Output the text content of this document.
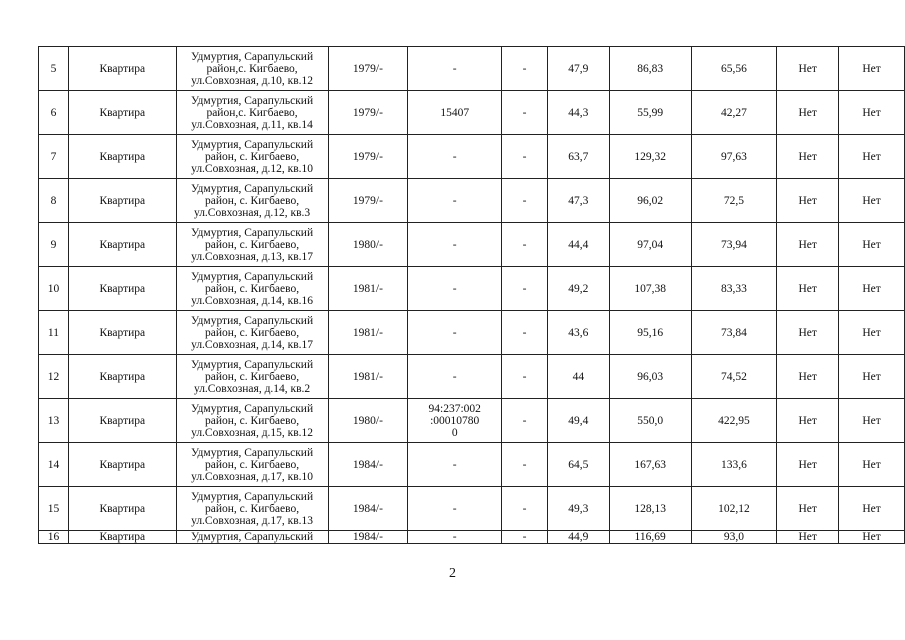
5	Квартира	Удмуртия, Сарапульский
район,с. Кигбаево,
ул.Совхозная, д.10, кв.12	1979/-	-	-	47,9	86,83	65,56	Нет	Нет
6	Квартира	Удмуртия, Сарапульский
район,с. Кигбаево,
ул.Совхозная, д.11, кв.14	1979/-	15407	-	44,3	55,99	42,27	Нет	Нет
7	Квартира	Удмуртия, Сарапульский
район, с. Кигбаево,
ул.Совхозная, д.12, кв.10	1979/-	-	-	63,7	129,32	97,63	Нет	Нет
8	Квартира	Удмуртия, Сарапульский
район, с. Кигбаево,
ул.Совхозная, д.12, кв.3	1979/-	-	-	47,3	96,02	72,5	Нет	Нет
9	Квартира	Удмуртия, Сарапульский
район, с. Кигбаево,
ул.Совхозная, д.13, кв.17	1980/-	-	-	44,4	97,04	73,94	Нет	Нет
10	Квартира	Удмуртия, Сарапульский
район, с. Кигбаево,
ул.Совхозная, д.14, кв.16	1981/-	-	-	49,2	107,38	83,33	Нет	Нет
11	Квартира	Удмуртия, Сарапульский
район, с. Кигбаево,
ул.Совхозная, д.14, кв.17	1981/-	-	-	43,6	95,16	73,84	Нет	Нет
12	Квартира	Удмуртия, Сарапульский
район, с. Кигбаево,
ул.Совхозная, д.14, кв.2	1981/-	-	-	44	96,03	74,52	Нет	Нет
13	Квартира	Удмуртия, Сарапульский
район, с. Кигбаево,
ул.Совхозная, д.15, кв.12	1980/-	94:237:002
:00010780
0	-	49,4	550,0	422,95	Нет	Нет
14	Квартира	Удмуртия, Сарапульский
район, с. Кигбаево,
ул.Совхозная, д.17, кв.10	1984/-	-	-	64,5	167,63	133,6	Нет	Нет
15	Квартира	Удмуртия, Сарапульский
район, с. Кигбаево,
ул.Совхозная, д.17, кв.13	1984/-	-	-	49,3	128,13	102,12	Нет	Нет
16	Квартира	Удмуртия, Сарапульский	1984/-	-	-	44,9	116,69	93,0	Нет	Нет
2
